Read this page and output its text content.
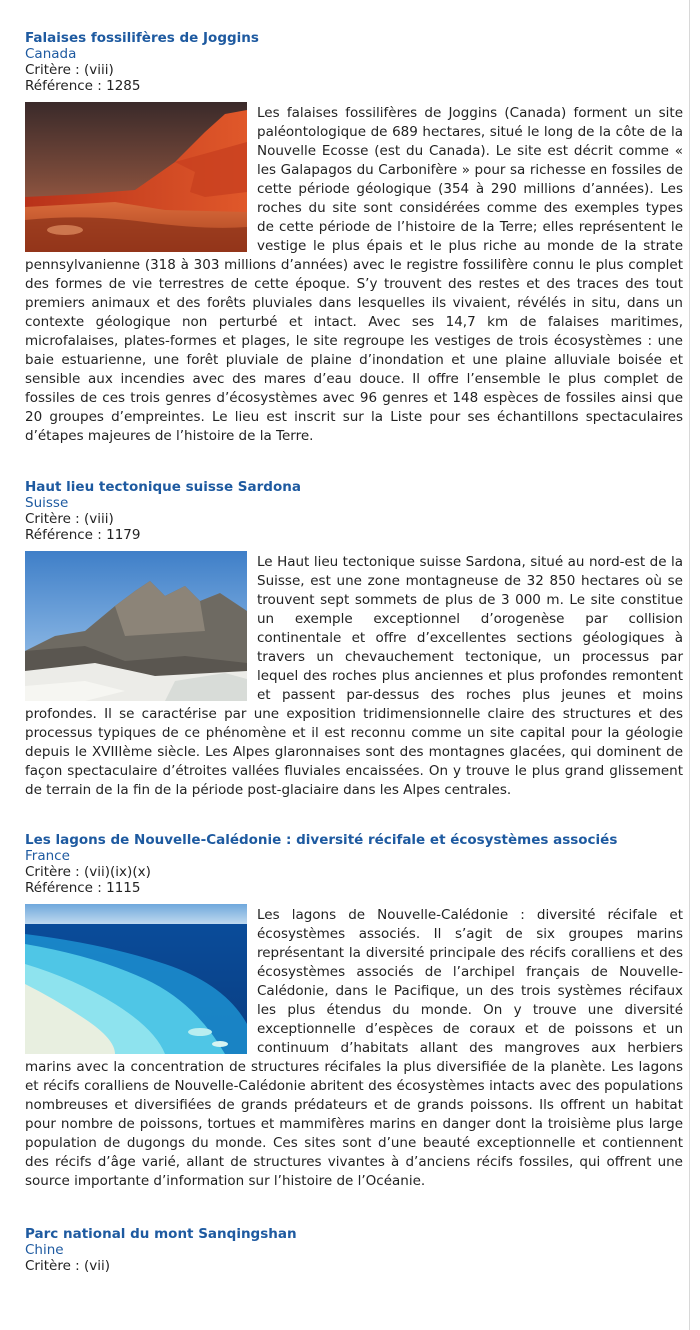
Falaises fossilifères de Joggins

Canada

Critère : (viii)

Référence : 1285

Les falaises fossilifères de Joggins (Canada) forment un site paléontologique de 689 hectares, situé le long de la côte de la Nouvelle Ecosse (est du Canada). Le site est décrit comme « les Galapagos du Carbonifère » pour sa richesse en fossiles de cette période géologique (354 à 290 millions d’années). Les roches du site sont considérées comme des exemples types de cette période de l’histoire de la Terre; elles représentent le vestige le plus épais et le plus riche au monde de la strate pennsylvanienne (318 à 303 millions d’années) avec le registre fossilifère connu le plus complet des formes de vie terrestres de cette époque. S’y trouvent des restes et des traces des tout premiers animaux et des forêts pluviales dans lesquelles ils vivaient, révélés in situ, dans un contexte géologique non perturbé et intact. Avec ses 14,7 km de falaises maritimes, microfalaises, plates-formes et plages, le site regroupe les vestiges de trois écosystèmes : une baie estuarienne, une forêt pluviale de plaine d’inondation et une plaine alluviale boisée et sensible aux incendies avec des mares d’eau douce. Il offre l’ensemble le plus complet de fossiles de ces trois genres d’écosystèmes avec 96 genres et 148 espèces de fossiles ainsi que 20 groupes d’empreintes. Le lieu est inscrit sur la Liste pour ses échantillons spectaculaires d’étapes majeures de l’histoire de la Terre.

Haut lieu tectonique suisse Sardona

Suisse

Critère : (viii)

Référence : 1179

Le Haut lieu tectonique suisse Sardona, situé au nord-est de la Suisse, est une zone montagneuse de 32 850 hectares où se trouvent sept sommets de plus de 3 000 m. Le site constitue un exemple exceptionnel d’orogenèse par collision continentale et offre d’excellentes sections géologiques à travers un chevauchement tectonique, un processus par lequel des roches plus anciennes et plus profondes remontent et passent par-dessus des roches plus jeunes et moins profondes. Il se caractérise par une exposition tridimensionnelle claire des structures et des processus typiques de ce phénomène et il est reconnu comme un site capital pour la géologie depuis le XVIIIème siècle. Les Alpes glaronnaises sont des montagnes glacées, qui dominent de façon spectaculaire d’étroites vallées fluviales encaissées. On y trouve le plus grand glissement de terrain de la fin de la période post-glaciaire dans les Alpes centrales.

Les lagons de Nouvelle-Calédonie : diversité récifale et écosystèmes associés

France

Critère : (vii)(ix)(x)

Référence : 1115

Les lagons de Nouvelle-Calédonie : diversité récifale et écosystèmes associés. Il s’agit de six groupes marins représentant la diversité principale des récifs coralliens et des écosystèmes associés de l’archipel français de Nouvelle-Calédonie, dans le Pacifique, un des trois systèmes récifaux les plus étendus du monde. On y trouve une diversité exceptionnelle d’espèces de coraux et de poissons et un continuum d’habitats allant des mangroves aux herbiers marins avec la concentration de structures récifales la plus diversifiée de la planète. Les lagons et récifs coralliens de Nouvelle-Calédonie abritent des écosystèmes intacts avec des populations nombreuses et diversifiées de grands prédateurs et de grands poissons. Ils offrent un habitat pour nombre de poissons, tortues et mammifères marins en danger dont la troisième plus large population de dugongs du monde. Ces sites sont d’une beauté exceptionnelle et contiennent des récifs d’âge varié, allant de structures vivantes à d’anciens récifs fossiles, qui offrent une source importante d’information sur l’histoire de l’Océanie.

Parc national du mont Sanqingshan

Chine

Critère : (vii)
